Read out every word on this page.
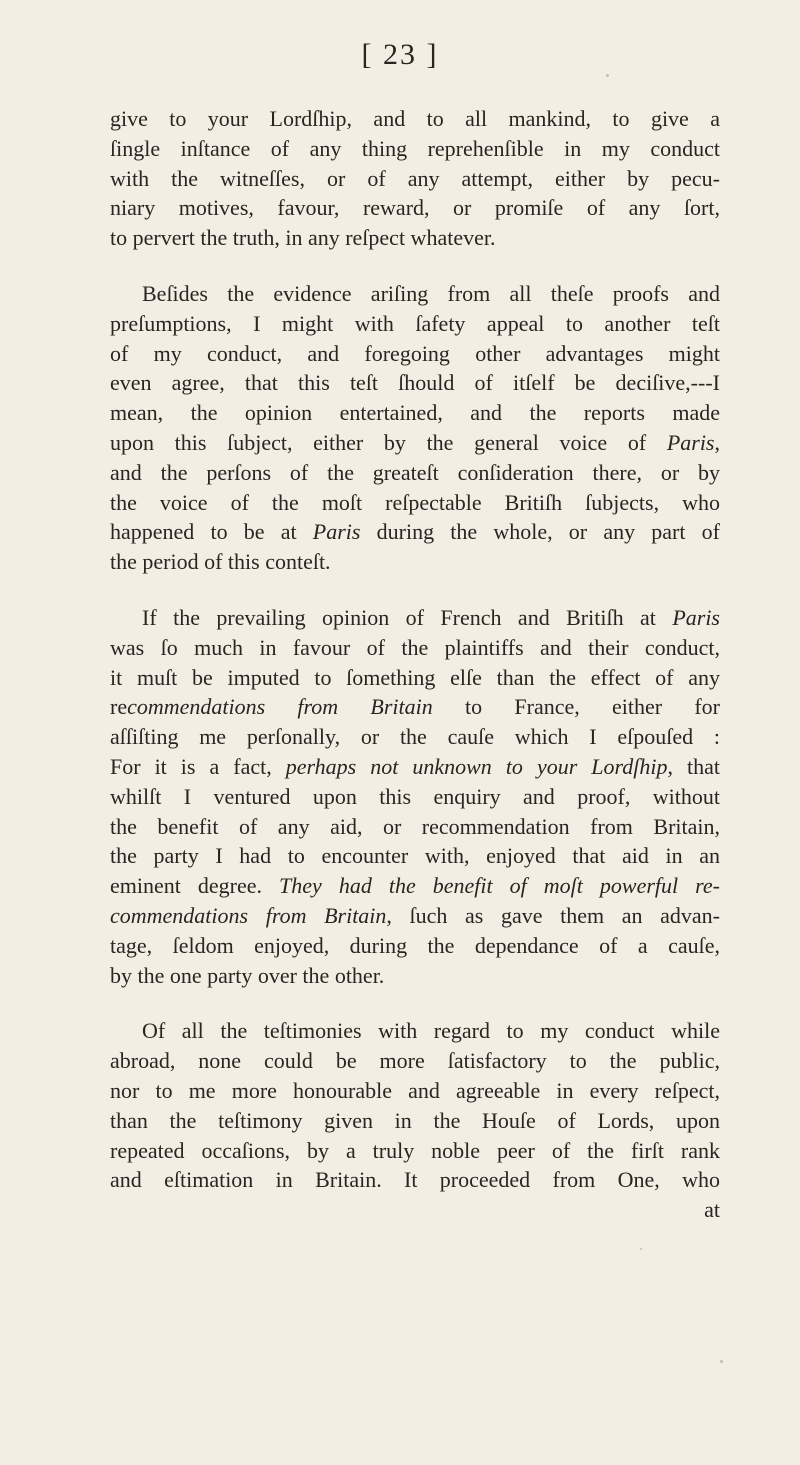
[ 23 ]
give to your Lordſhip, and to all mankind, to give a
ſingle inſtance of any thing reprehenſible in my conduct
with the witneſſes, or of any attempt, either by pecu-
niary motives, favour, reward, or promiſe of any ſort,
to pervert the truth, in any reſpect whatever.
Beſides the evidence ariſing from all theſe proofs and
preſumptions, I might with ſafety appeal to another teſt
of my conduct, and foregoing other advantages might
even agree, that this teſt ſhould of itſelf be deciſive,---I
mean, the opinion entertained, and the reports made
upon this ſubject, either by the general voice of Paris,
and the perſons of the greateſt conſideration there, or by
the voice of the moſt reſpectable Britiſh ſubjects, who
happened to be at Paris during the whole, or any part of
the period of this conteſt.
If the prevailing opinion of French and Britiſh at Paris
was ſo much in favour of the plaintiffs and their conduct,
it muſt be imputed to ſomething elſe than the effect of any
recommendations from Britain to France, either for
aſſiſting me perſonally, or the cauſe which I eſpouſed :
For it is a fact, perhaps not unknown to your Lordſhip, that
whilſt I ventured upon this enquiry and proof, without
the benefit of any aid, or recommendation from Britain,
the party I had to encounter with, enjoyed that aid in an
eminent degree. They had the benefit of moſt powerful re-
commendations from Britain, ſuch as gave them an advan-
tage, ſeldom enjoyed, during the dependance of a cauſe,
by the one party over the other.
Of all the teſtimonies with regard to my conduct while
abroad, none could be more ſatisfactory to the public,
nor to me more honourable and agreeable in every reſpect,
than the teſtimony given in the Houſe of Lords, upon
repeated occaſions, by a truly noble peer of the firſt rank
and eſtimation in Britain. It proceeded from One, who
at
